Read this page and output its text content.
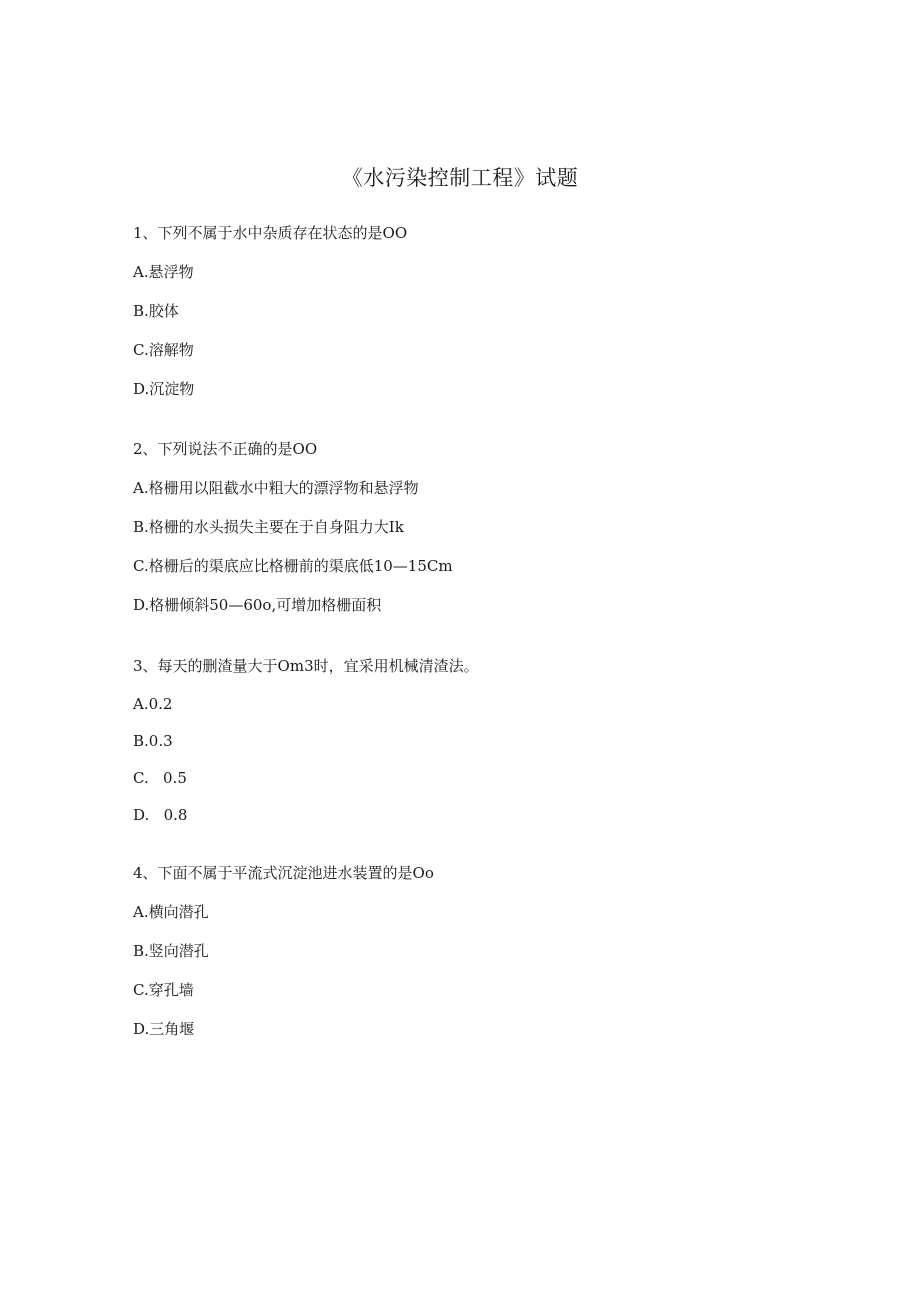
《水污染控制工程》试题

1、下列不属于水中杂质存在状态的是OO

A.悬浮物

B.胶体

C.溶解物

D.沉淀物

2、下列说法不正确的是OO

A.格栅用以阻截水中粗大的漂浮物和悬浮物

B.格栅的水头损失主要在于自身阻力大Ik

C.格栅后的渠底应比格栅前的渠底低10—15Cm

D.格栅倾斜50—60o,可增加格栅面积

3、每天的删渣量大于Om3时，宜采用机械清渣法。

A.0.2

B.0.3

C.   0.5

D.   0.8

4、下面不属于平流式沉淀池进水装置的是Oo

A.横向潜孔

B.竖向潜孔

C.穿孔墙

D.三角堰
